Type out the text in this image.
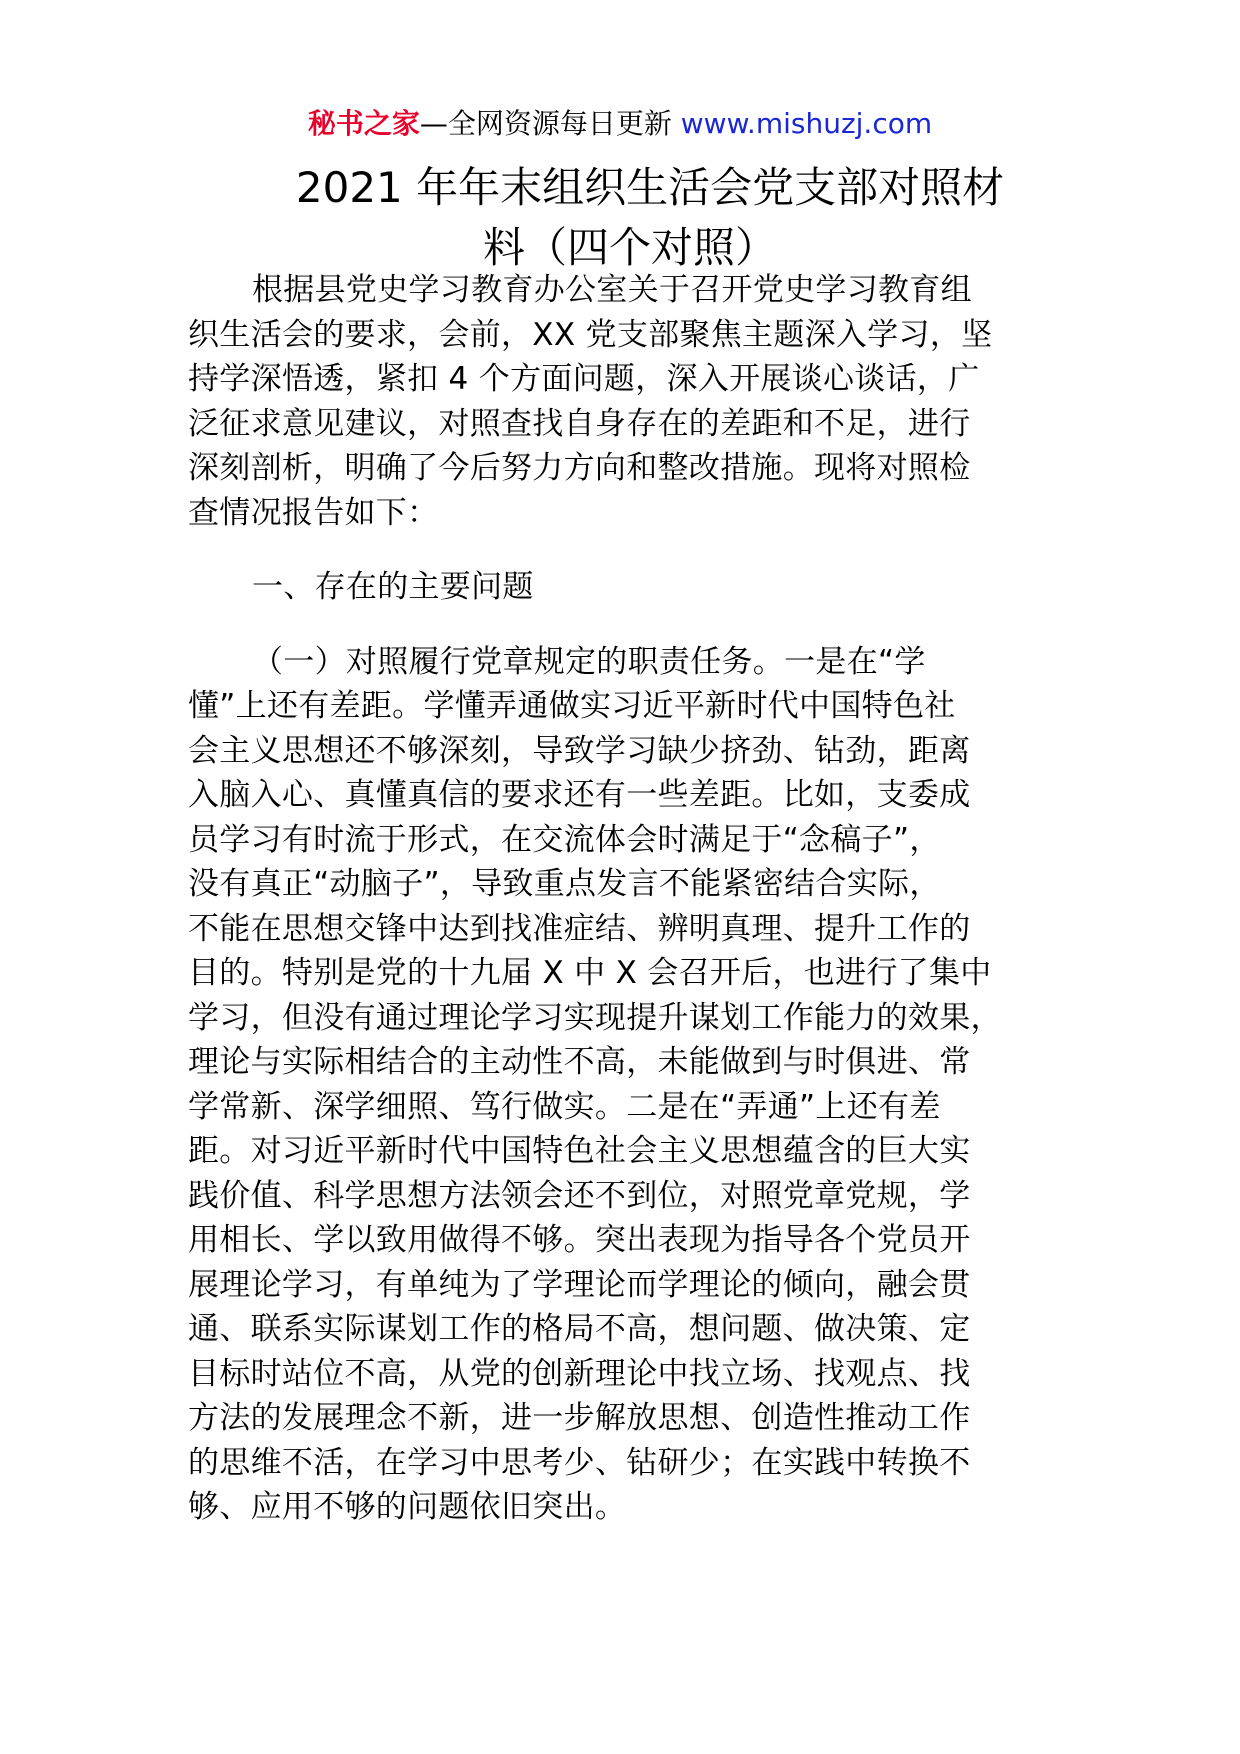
秘书之家—全网资源每日更新 www.mishuzj.com
2021 年年末组织生活会党支部对照材
料（四个对照）

根据县党史学习教育办公室关于召开党史学习教育组

织生活会的要求，会前，XX 党支部聚焦主题深入学习，坚

持学深悟透，紧扣 4 个方面问题，深入开展谈心谈话，广

泛征求意见建议，对照查找自身存在的差距和不足，进行

深刻剖析，明确了今后努力方向和整改措施。现将对照检

查情况报告如下：

一、存在的主要问题

（一）对照履行党章规定的职责任务。一是在“学

懂”上还有差距。学懂弄通做实习近平新时代中国特色社

会主义思想还不够深刻，导致学习缺少挤劲、钻劲，距离

入脑入心、真懂真信的要求还有一些差距。比如，支委成

员学习有时流于形式，在交流体会时满足于“念稿子”，

没有真正“动脑子”，导致重点发言不能紧密结合实际，

不能在思想交锋中达到找准症结、辨明真理、提升工作的

目的。特别是党的十九届 X 中 X 会召开后，也进行了集中

学习，但没有通过理论学习实现提升谋划工作能力的效果，

理论与实际相结合的主动性不高，未能做到与时俱进、常

学常新、深学细照、笃行做实。二是在“弄通”上还有差

距。对习近平新时代中国特色社会主义思想蕴含的巨大实

践价值、科学思想方法领会还不到位，对照党章党规，学

用相长、学以致用做得不够。突出表现为指导各个党员开

展理论学习，有单纯为了学理论而学理论的倾向，融会贯

通、联系实际谋划工作的格局不高，想问题、做决策、定

目标时站位不高，从党的创新理论中找立场、找观点、找

方法的发展理念不新，进一步解放思想、创造性推动工作

的思维不活，在学习中思考少、钻研少；在实践中转换不

够、应用不够的问题依旧突出。
